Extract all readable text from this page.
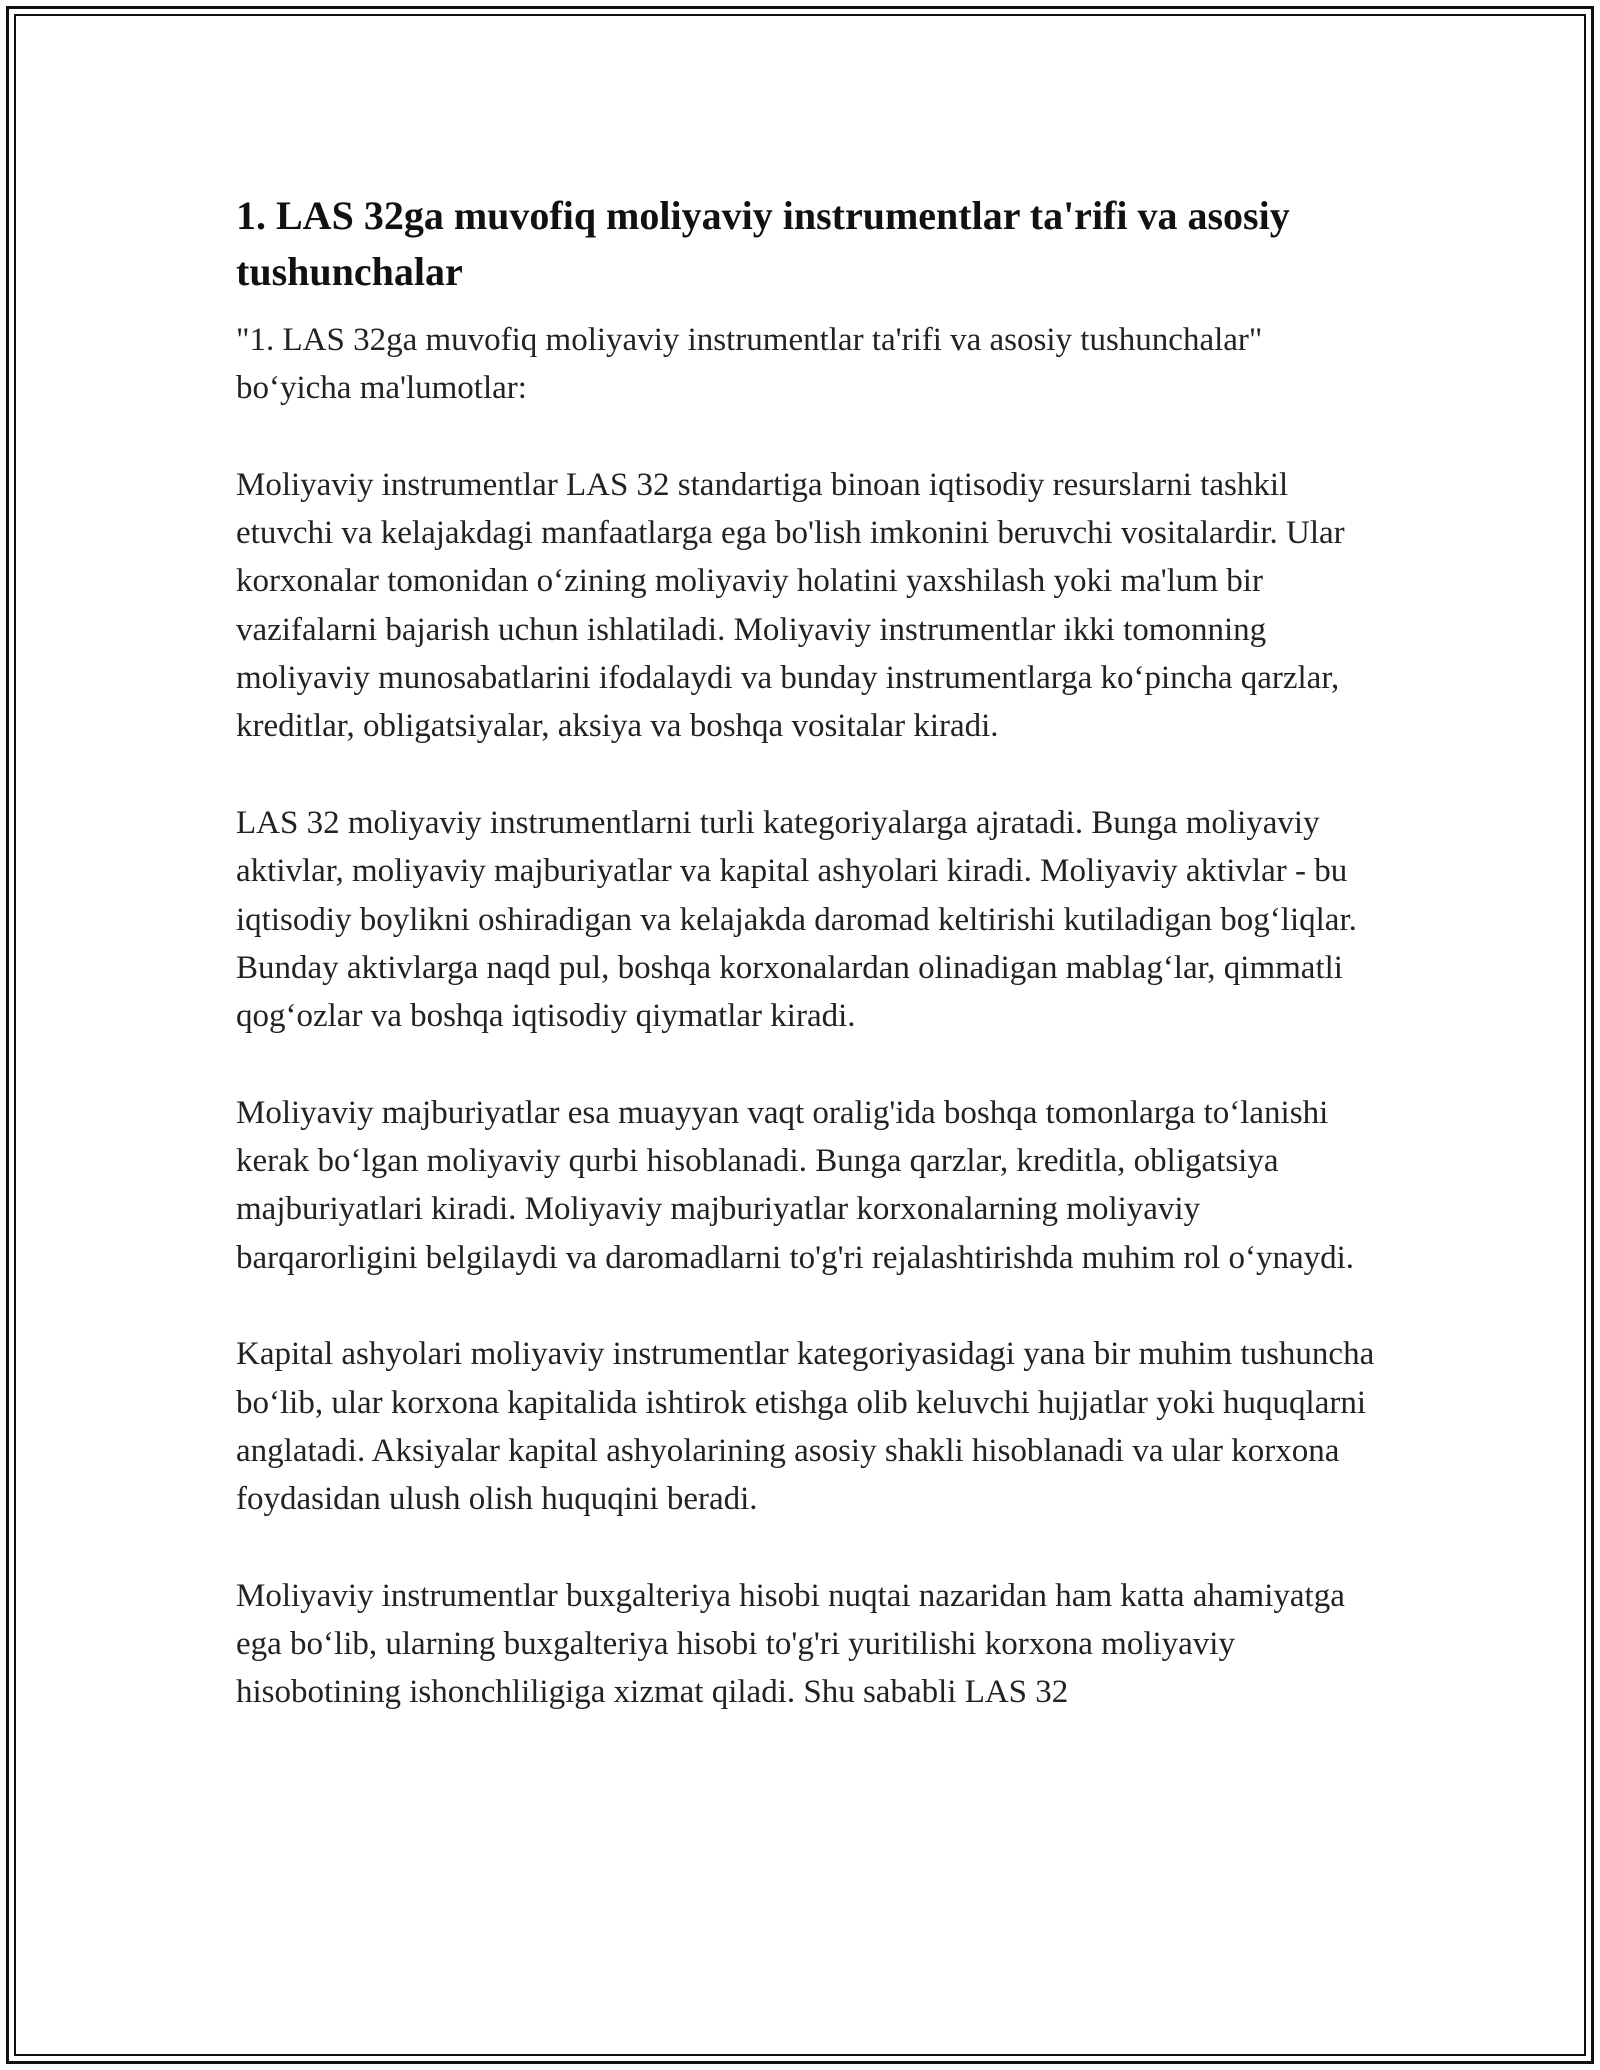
1. LAS 32ga muvofiq moliyaviy instrumentlar ta'rifi va asosiy tushunchalar

"1. LAS 32ga muvofiq moliyaviy instrumentlar ta'rifi va asosiy tushunchalar" bo‘yicha ma'lumotlar:

Moliyaviy instrumentlar LAS 32 standartiga binoan iqtisodiy resurslarni tashkil etuvchi va kelajakdagi manfaatlarga ega bo'lish imkonini beruvchi vositalardir. Ular korxonalar tomonidan o‘zining moliyaviy holatini yaxshilash yoki ma'lum bir vazifalarni bajarish uchun ishlatiladi. Moliyaviy instrumentlar ikki tomonning moliyaviy munosabatlarini ifodalaydi va bunday instrumentlarga ko‘pincha qarzlar, kreditlar, obligatsiyalar, aksiya va boshqa vositalar kiradi.

LAS 32 moliyaviy instrumentlarni turli kategoriyalarga ajratadi. Bunga moliyaviy aktivlar, moliyaviy majburiyatlar va kapital ashyolari kiradi. Moliyaviy aktivlar - bu iqtisodiy boylikni oshiradigan va kelajakda daromad keltirishi kutiladigan bog‘liqlar. Bunday aktivlarga naqd pul, boshqa korxonalardan olinadigan mablag‘lar, qimmatli qog‘ozlar va boshqa iqtisodiy qiymatlar kiradi.

Moliyaviy majburiyatlar esa muayyan vaqt oralig'ida boshqa tomonlarga to‘lanishi kerak bo‘lgan moliyaviy qurbi hisoblanadi. Bunga qarzlar, kreditla, obligatsiya majburiyatlari kiradi. Moliyaviy majburiyatlar korxonalarning moliyaviy barqarorligini belgilaydi va daromadlarni to'g'ri rejalashtirishda muhim rol o‘ynaydi.

Kapital ashyolari moliyaviy instrumentlar kategoriyasidagi yana bir muhim tushuncha bo‘lib, ular korxona kapitalida ishtirok etishga olib keluvchi hujjatlar yoki huquqlarni anglatadi. Aksiyalar kapital ashyolarining asosiy shakli hisoblanadi va ular korxona foydasidan ulush olish huquqini beradi.

Moliyaviy instrumentlar buxgalteriya hisobi nuqtai nazaridan ham katta ahamiyatga ega bo‘lib, ularning buxgalteriya hisobi to'g'ri yuritilishi korxona moliyaviy hisobotining ishonchliligiga xizmat qiladi. Shu sababli LAS 32
